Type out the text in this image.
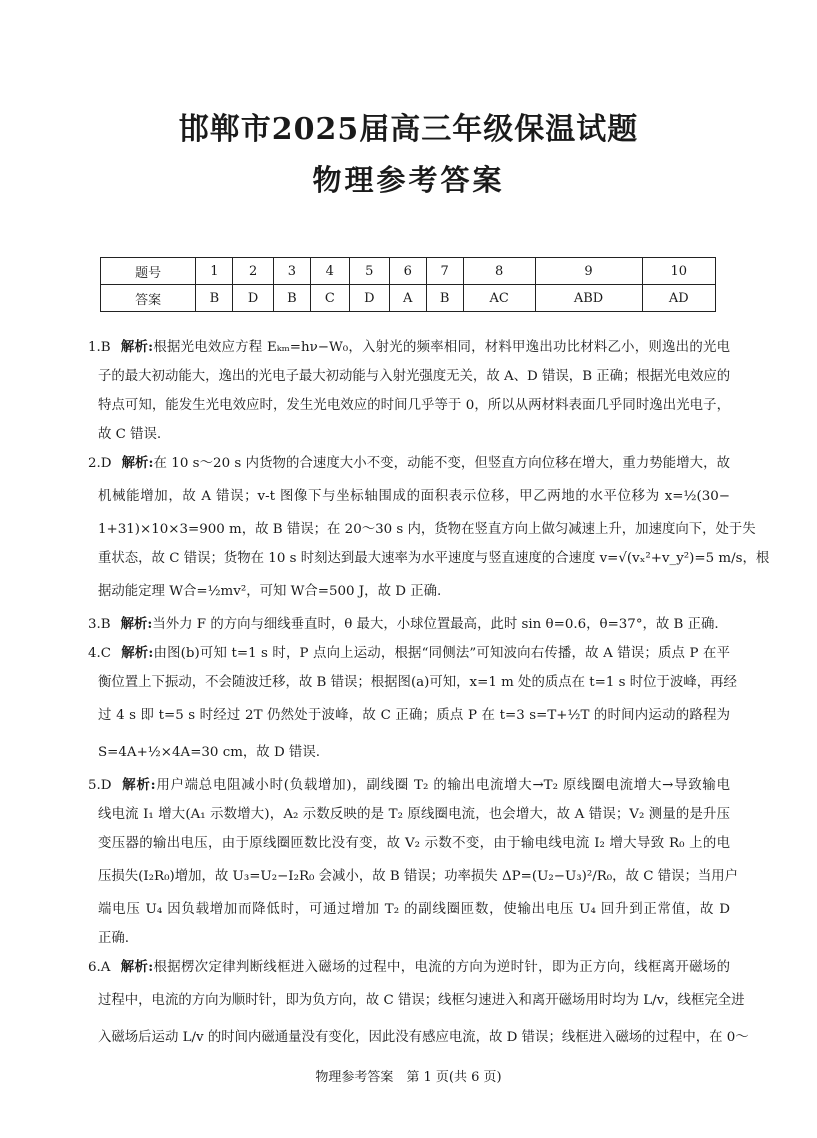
邯郸市2025届高三年级保温试题
物理参考答案
题号	1	2	3	4	5	6	7	8	9	10
答案	B	D	B	C	D	A	B	AC	ABD	AD
1.B 解析:根据光电效应方程 Eₖₘ=hν−W₀，入射光的频率相同，材料甲逸出功比材料乙小，则逸出的光电
子的最大初动能大，逸出的光电子最大初动能与入射光强度无关，故 A、D 错误，B 正确；根据光电效应的
特点可知，能发生光电效应时，发生光电效应的时间几乎等于 0，所以从两材料表面几乎同时逸出光电子，
故 C 错误.
2.D 解析:在 10 s～20 s 内货物的合速度大小不变，动能不变，但竖直方向位移在增大，重力势能增大，故
机械能增加，故 A 错误；v-t 图像下与坐标轴围成的面积表示位移，甲乙两地的水平位移为 x=½(30−
1+31)×10×3=900 m，故 B 错误；在 20～30 s 内，货物在竖直方向上做匀减速上升，加速度向下，处于失
重状态，故 C 错误；货物在 10 s 时刻达到最大速率为水平速度与竖直速度的合速度 v=√(vₓ²+v_y²)=5 m/s，根
据动能定理 W合=½mv²，可知 W合=500 J，故 D 正确.
3.B 解析:当外力 F 的方向与细线垂直时，θ 最大，小球位置最高，此时 sin θ=0.6，θ=37°，故 B 正确.
4.C 解析:由图(b)可知 t=1 s 时，P 点向上运动，根据“同侧法”可知波向右传播，故 A 错误；质点 P 在平
衡位置上下振动，不会随波迁移，故 B 错误；根据图(a)可知，x=1 m 处的质点在 t=1 s 时位于波峰，再经
过 4 s 即 t=5 s 时经过 2T 仍然处于波峰，故 C 正确；质点 P 在 t=3 s=T+½T 的时间内运动的路程为
S=4A+½×4A=30 cm，故 D 错误.
5.D 解析:用户端总电阻减小时(负载增加)，副线圈 T₂ 的输出电流增大→T₂ 原线圈电流增大→导致输电
线电流 I₁ 增大(A₁ 示数增大)，A₂ 示数反映的是 T₂ 原线圈电流，也会增大，故 A 错误；V₂ 测量的是升压
变压器的输出电压，由于原线圈匝数比没有变，故 V₂ 示数不变，由于输电线电流 I₂ 增大导致 R₀ 上的电
压损失(I₂R₀)增加，故 U₃=U₂−I₂R₀ 会减小，故 B 错误；功率损失 ΔP=(U₂−U₃)²/R₀，故 C 错误；当用户
端电压 U₄ 因负载增加而降低时，可通过增加 T₂ 的副线圈匝数，使输出电压 U₄ 回升到正常值，故 D
正确.
6.A 解析:根据楞次定律判断线框进入磁场的过程中，电流的方向为逆时针，即为正方向，线框离开磁场的
过程中，电流的方向为顺时针，即为负方向，故 C 错误；线框匀速进入和离开磁场用时均为 L/v，线框完全进
入磁场后运动 L/v 的时间内磁通量没有变化，因此没有感应电流，故 D 错误；线框进入磁场的过程中，在 0～
物理参考答案　第 1 页(共 6 页)
